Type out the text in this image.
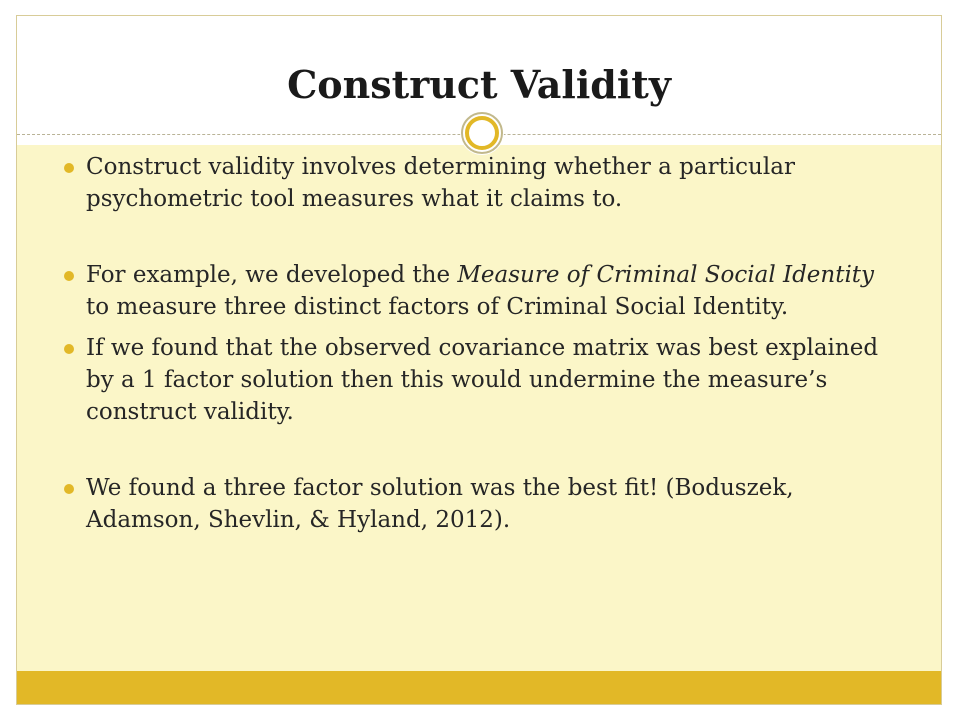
Construct Validity
Construct validity involves determining whether a particular psychometric tool measures what it claims to.
For example, we developed the Measure of Criminal Social Identity to measure three distinct factors of Criminal Social Identity.
If we found that the observed covariance matrix was best explained by a 1 factor solution then this would undermine the measure’s construct validity.
We found a three factor solution was the best fit! (Boduszek, Adamson, Shevlin, & Hyland, 2012).
